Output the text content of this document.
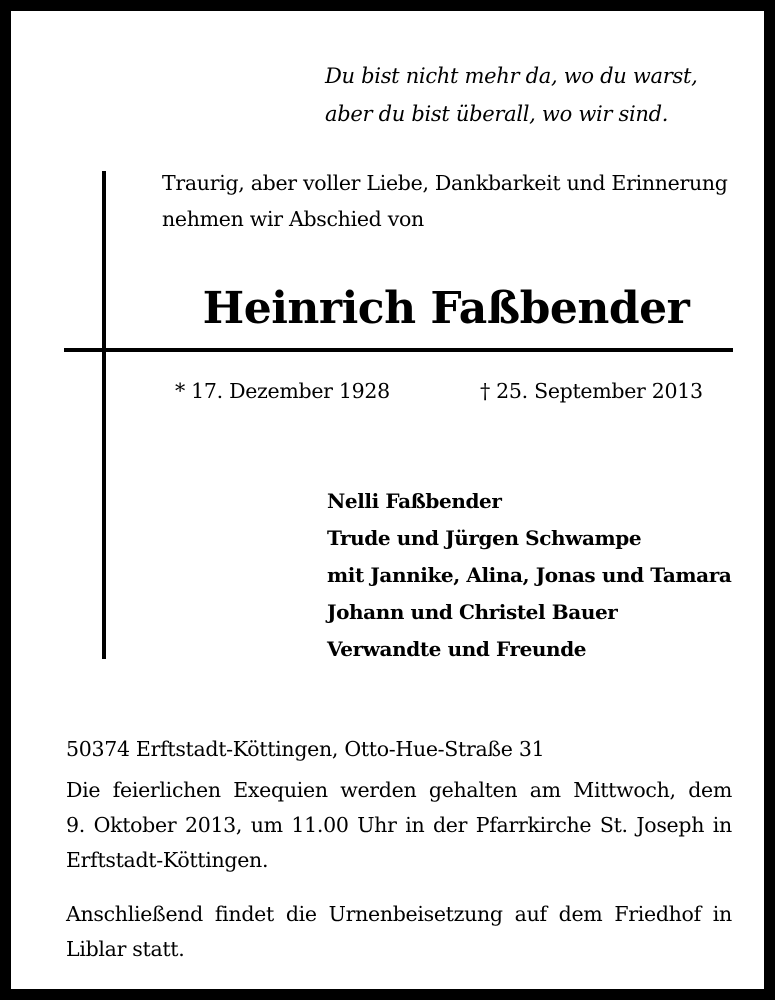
Du bist nicht mehr da, wo du warst,
aber du bist überall, wo wir sind.
Traurig, aber voller Liebe, Dankbarkeit und Erinnerung
nehmen wir Abschied von
Heinrich Faßbender
* 17. Dezember 1928	† 25. September 2013
Nelli Faßbender
Trude und Jürgen Schwampe
mit Jannike, Alina, Jonas und Tamara
Johann und Christel Bauer
Verwandte und Freunde
50374 Erftstadt-Köttingen, Otto-Hue-Straße 31
Die feierlichen Exequien werden gehalten am Mittwoch, dem
9. Oktober 2013, um 11.00 Uhr in der Pfarrkirche St. Joseph in
Erftstadt-Köttingen.
Anschließend findet die Urnenbeisetzung auf dem Friedhof in
Liblar statt.
